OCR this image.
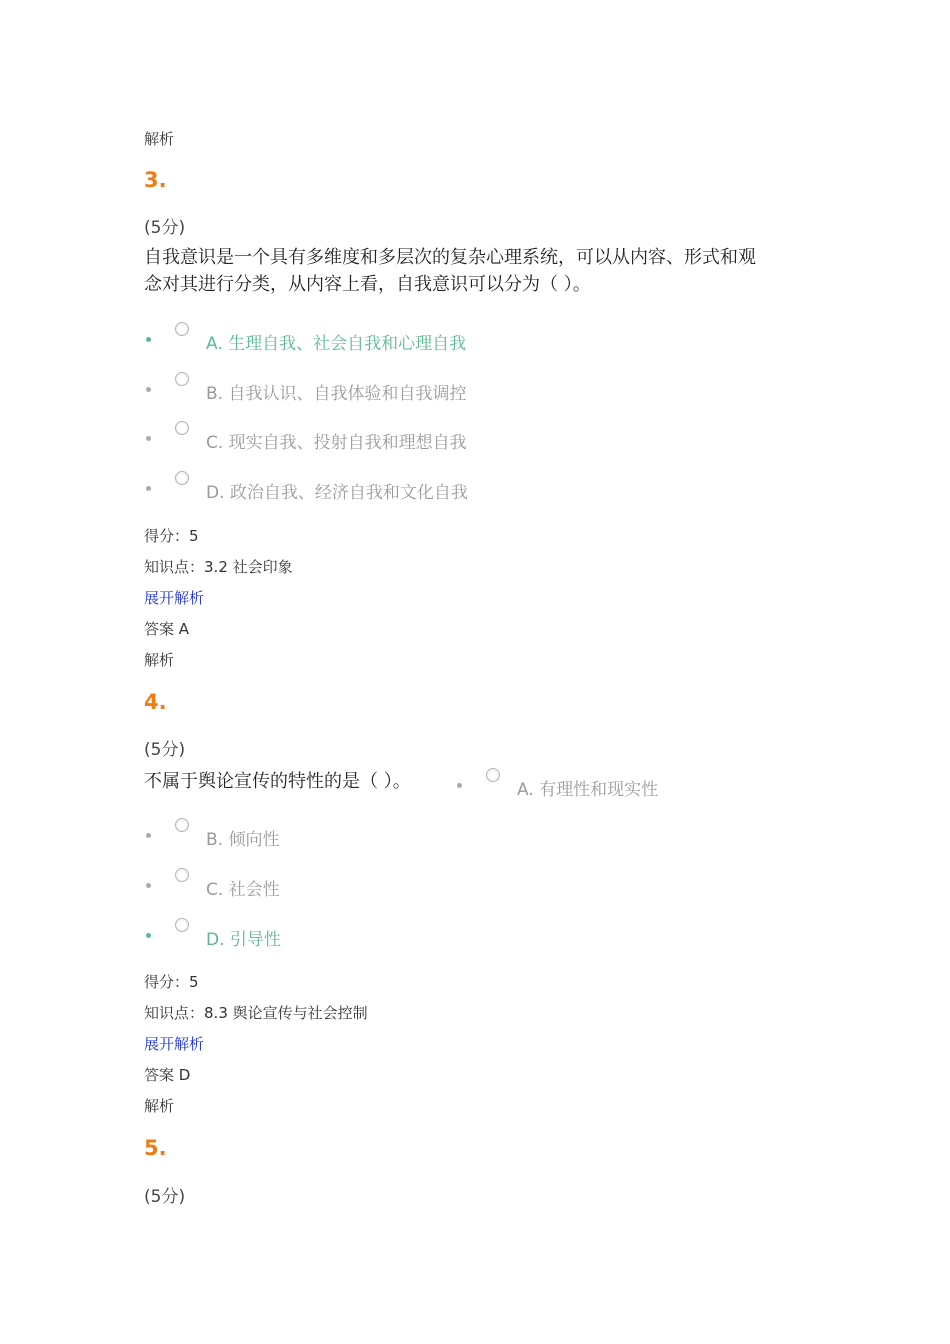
解析
3.
(5分)
自我意识是一个具有多维度和多层次的复杂心理系统，可以从内容、形式和观
念对其进行分类，从内容上看，自我意识可以分为（ ）。
A. 生理自我、社会自我和心理自我
B. 自我认识、自我体验和自我调控
C. 现实自我、投射自我和理想自我
D. 政治自我、经济自我和文化自我
得分：5
知识点：3.2 社会印象
展开解析
答案 A
解析
4.
(5分)
不属于舆论宣传的特性的是（ ）。	A. 有理性和现实性
B. 倾向性
C. 社会性
D. 引导性
得分：5
知识点：8.3 舆论宣传与社会控制
展开解析
答案 D
解析
5.
(5分)
